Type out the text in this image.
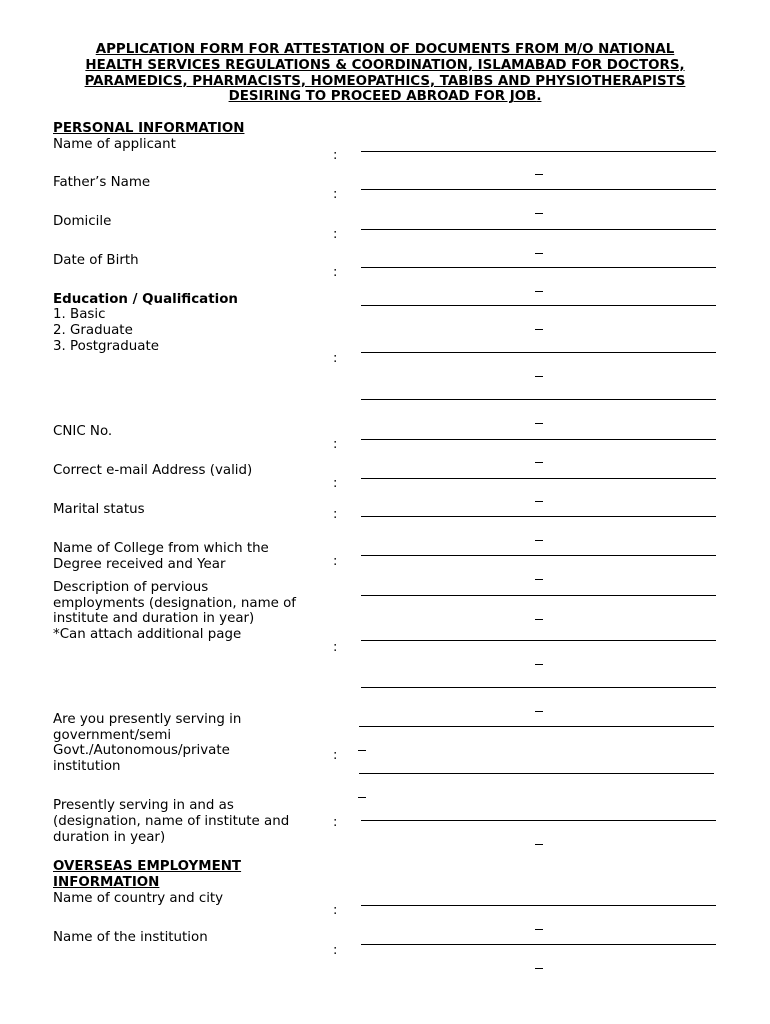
APPLICATION FORM FOR ATTESTATION OF DOCUMENTS FROM M/O NATIONAL
HEALTH SERVICES REGULATIONS & COORDINATION, ISLAMABAD FOR DOCTORS,
PARAMEDICS, PHARMACISTS, HOMEOPATHICS, TABIBS AND PHYSIOTHERAPISTS
DESIRING TO PROCEED ABROAD FOR JOB.
PERSONAL INFORMATION
Name of applicant
:
Father’s Name
:
Domicile
:
Date of Birth
:
Education / Qualification
1. Basic
2. Graduate
3. Postgraduate
:
CNIC No.
:
Correct e-mail Address (valid)
:
Marital status	:
Name of College from which the
Degree received and Year	:
Description of pervious
employments (designation, name of
institute and duration in year)
*Can attach additional page
:
Are you presently serving in
government/semi
Govt./Autonomous/private
institution
:
Presently serving in and as
(designation, name of institute and
duration in year)
:
OVERSEAS EMPLOYMENT
INFORMATION
Name of country and city
:
Name of the institution
:
